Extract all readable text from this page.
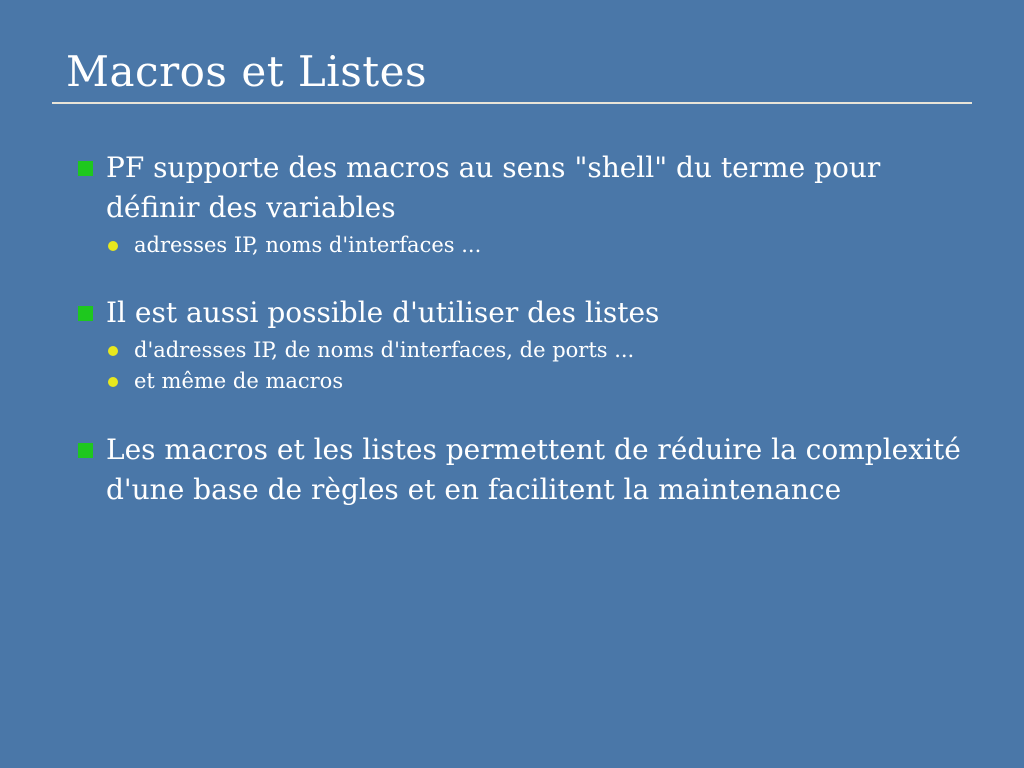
Macros et Listes
PF supporte des macros au sens "shell" du terme pour définir des variables
adresses IP, noms d'interfaces ...
Il est aussi possible d'utiliser des listes
d'adresses IP, de noms d'interfaces, de ports ...
et même de macros
Les macros et les listes permettent de réduire la complexité d'une base de règles et en facilitent la maintenance
